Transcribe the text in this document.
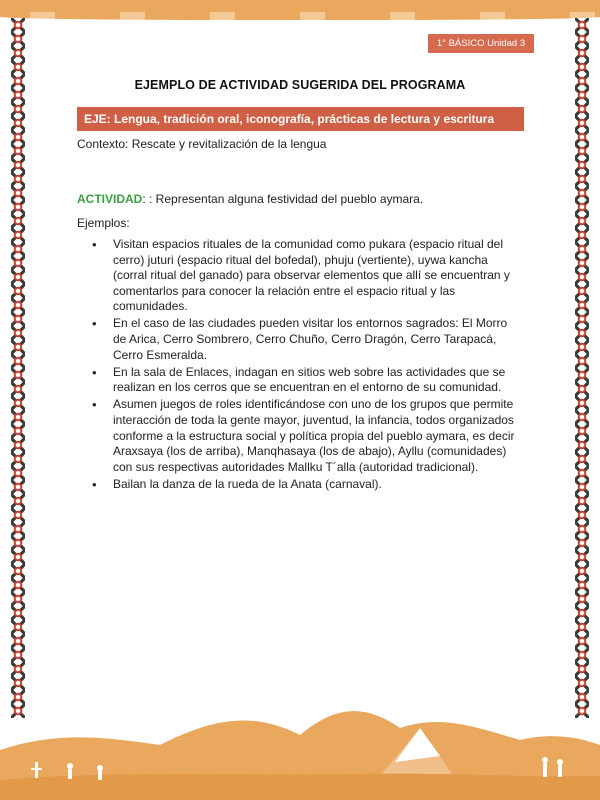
1° BÁSICO Unidad 3
EJEMPLO DE ACTIVIDAD SUGERIDA DEL PROGRAMA
EJE: Lengua, tradición oral, iconografía, prácticas de lectura y escritura
Contexto: Rescate y revitalización de la lengua
ACTIVIDAD: : Representan alguna festividad del pueblo aymara.
Ejemplos:
• Visitan espacios rituales de la comunidad como pukara (espacio ritual del cerro) juturi (espacio ritual del bofedal), phuju (vertiente), uywa kancha (corral ritual del ganado) para observar elementos que allí se encuentran y comentarlos para conocer la relación entre el espacio ritual y las comunidades.
• En el caso de las ciudades pueden visitar los entornos sagrados: El Morro de Arica, Cerro Sombrero, Cerro Chuño, Cerro Dragón, Cerro Tarapacá, Cerro Esmeralda.
• En la sala de Enlaces, indagan en sitios web sobre las actividades que se realizan en los cerros que se encuentran en el entorno de su comunidad.
• Asumen juegos de roles identificándose con uno de los grupos que permite interacción de toda la gente mayor, juventud, la infancia, todos organizados conforme a la estructura social y política propia del pueblo aymara, es decir Araxsaya (los de arriba), Manqhasaya (los de abajo), Ayllu (comunidades) con sus respectivas autoridades Mallku T´alla (autoridad tradicional).
• Bailan la danza de la rueda de la Anata (carnaval).
